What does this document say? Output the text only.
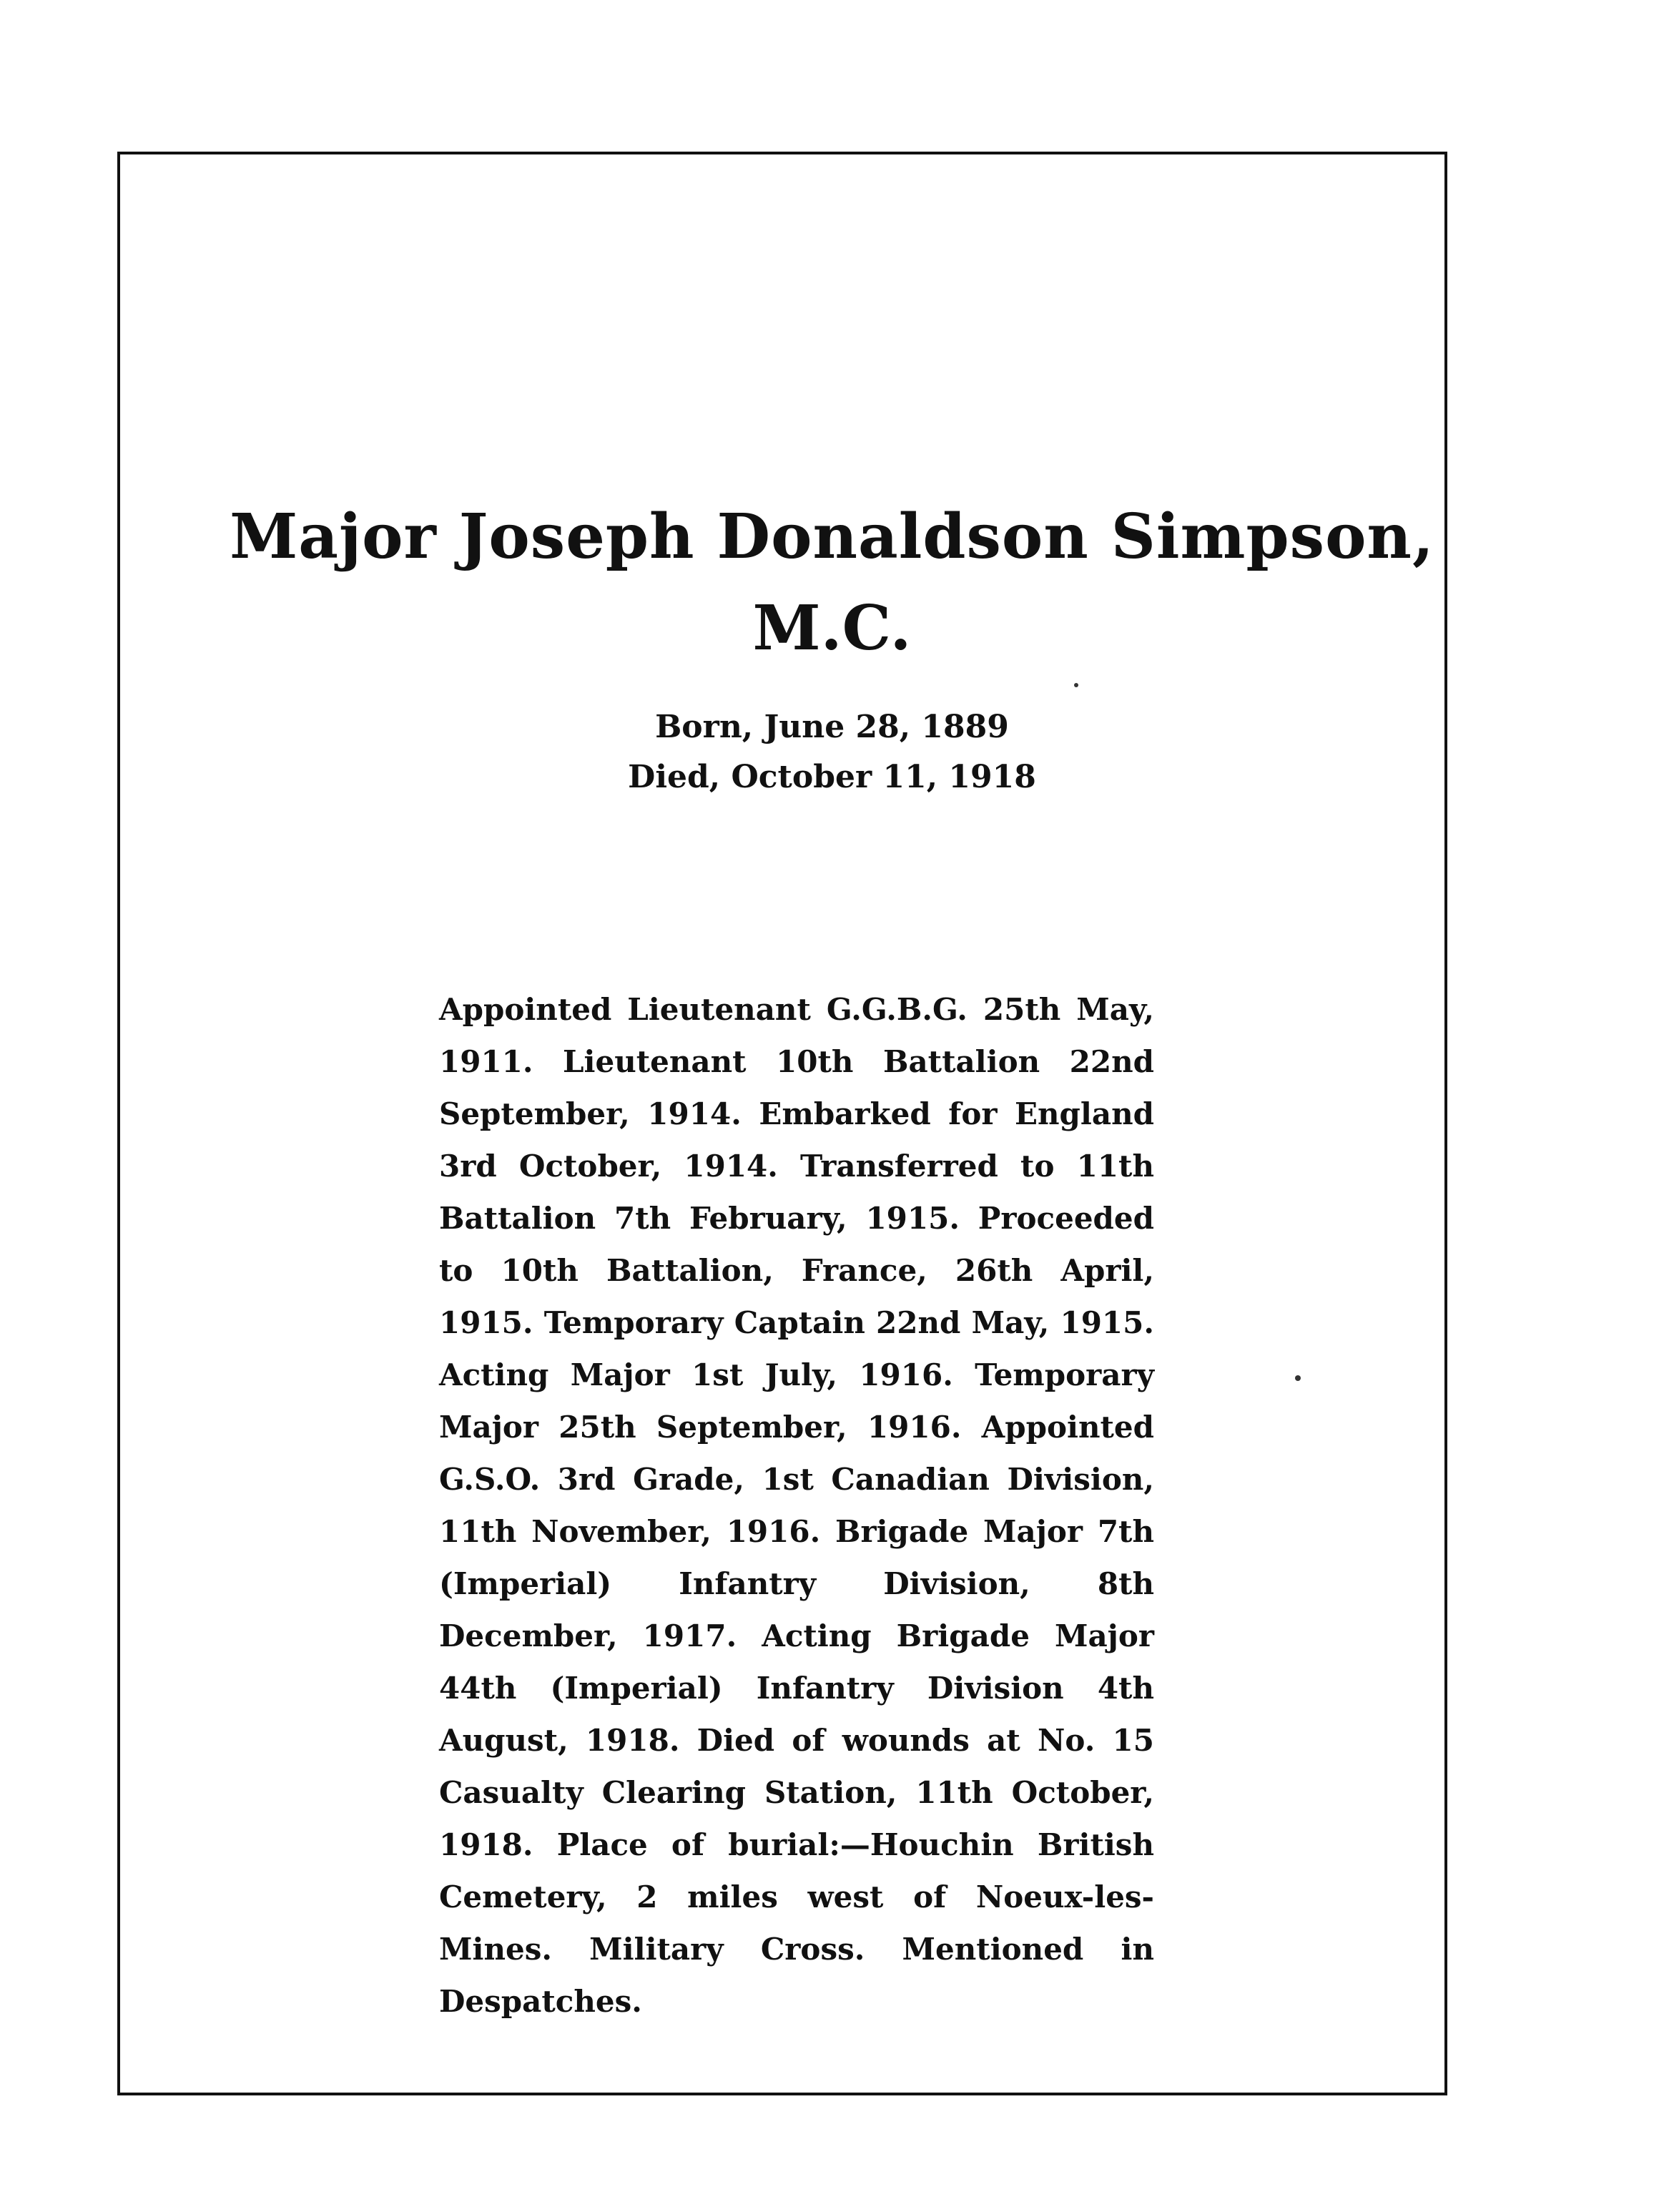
Major Joseph Donaldson Simpson,
M.C.
Born, June 28, 1889
Died, October 11, 1918

Appointed Lieutenant G.G.B.G. 25th May, 1911. Lieutenant 10th Battalion 22nd September, 1914. Embarked for England 3rd October, 1914. Transferred to 11th Battalion 7th February, 1915. Proceeded to 10th Battalion, France, 26th April, 1915. Temporary Captain 22nd May, 1915. Acting Major 1st July, 1916. Temporary Major 25th September, 1916. Appointed G.S.O. 3rd Grade, 1st Canadian Division, 11th November, 1916. Brigade Major 7th (Imperial) Infantry Division, 8th December, 1917. Acting Brigade Major 44th (Imperial) Infantry Division 4th August, 1918. Died of wounds at No. 15 Casualty Clearing Station, 11th October, 1918. Place of burial:—Houchin British Cemetery, 2 miles west of Noeux-les-Mines. Military Cross. Mentioned in Despatches.
